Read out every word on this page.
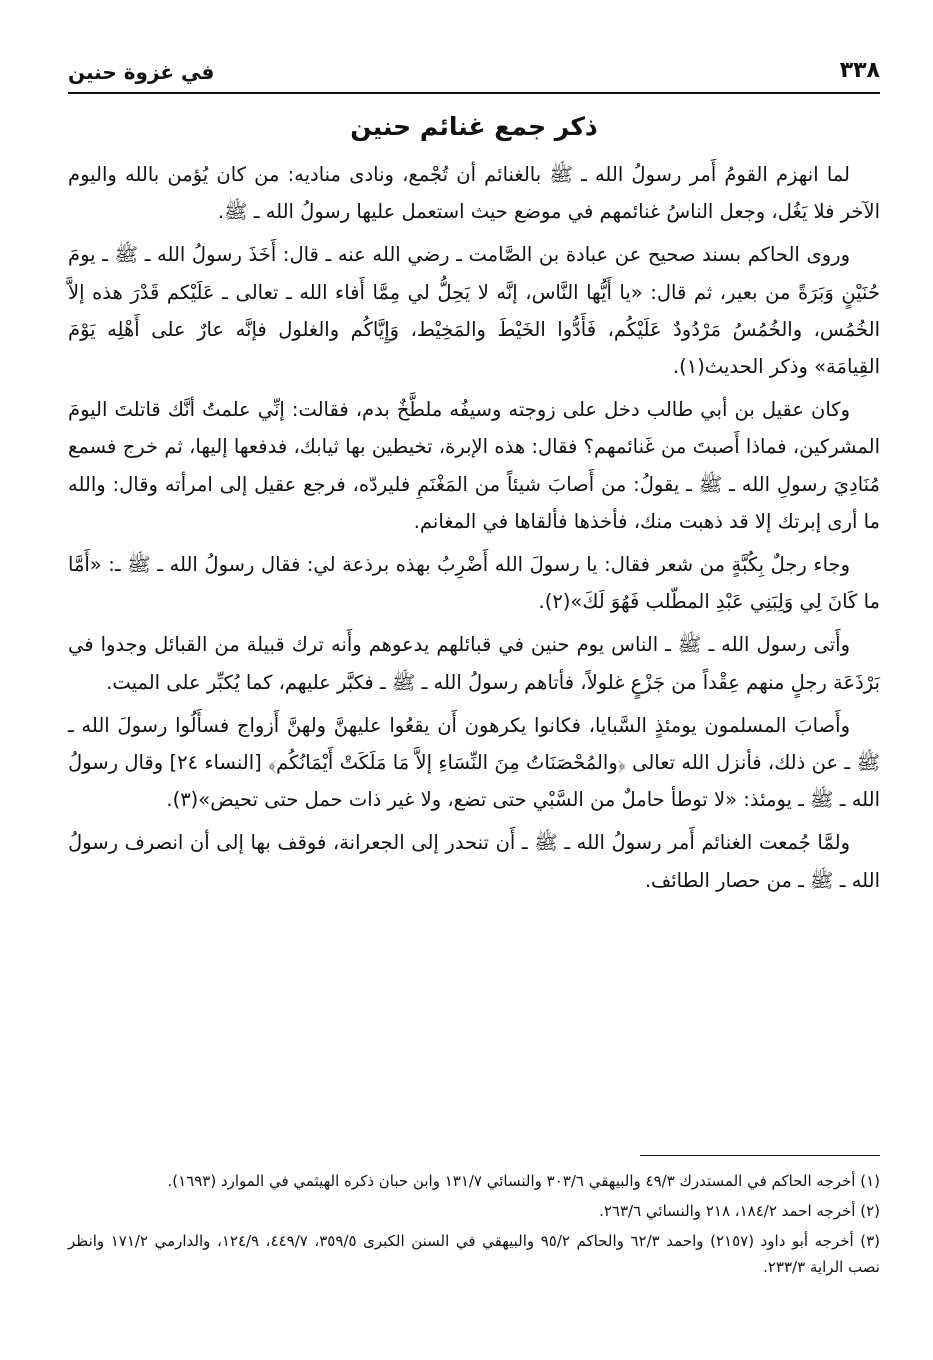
٣٣٨
في غزوة حنين
ذكر جمع غنائم حنين

لما انهزم القومُ أَمر رسولُ الله ـ ﷺ بالغنائم أن تُجْمع، ونادى مناديه: من كان يُؤمن بالله واليوم الآخر فلا يَغُل، وجعل الناسُ غنائمهم في موضع حيث استعمل عليها رسولُ الله ـ ﷺ.

وروى الحاكم بسند صحيح عن عبادة بن الصَّامت ـ رضي الله عنه ـ قال: أَخَذَ رسولُ الله ـ ﷺ ـ يومَ حُنَيْنٍ وَبَرَةً من بعير، ثم قال: «يا أَيُّها النَّاس، إنَّه لا يَحِلُّ لي مِمَّا أَفاء الله ـ تعالى ـ عَلَيْكم قَدْرَ هذه إلاَّ الخُمُس، والخُمُسُ مَرْدُودٌ عَلَيْكُم، فَأَدُّوا الخَيْطَ والمَخِيْط، وَإِيَّاكُم والغلول فإنَّه عارٌ على أَهْلِه يَوْمَ القِيامَة» وذكر الحديث(١).

وكان عقيل بن أبي طالب دخل على زوجته وسيفُه ملطَّخٌ بدم، فقالت: إنِّي علمتُ أنَّك قاتلتَ اليومَ المشركين، فماذا أَصبتَ من غَنائمهم؟ فقال: هذه الإبرة، تخيطين بها ثيابك، فدفعها إليها، ثم خرج فسمع مُنَادِيَ رسولِ الله ـ ﷺ ـ يقولُ: من أَصابَ شيئاً من المَغْنَمِ فليردّه، فرجع عقيل إلى امرأته وقال: والله ما أرى إبرتك إلا قد ذهبت منك، فأخذها فألقاها في المغانم.

وجاء رجلٌ بِكُبَّةٍ من شعر فقال: يا رسولَ الله أَضْرِبُ بهذه برذعة لي: فقال رسولُ الله ـ ﷺ ـ: «أَمَّا ما كَانَ لِي وَلِبَنِي عَبْدِ المطّلب فَهُوَ لَكَ»(٢).

وأَتى رسول الله ـ ﷺ ـ الناس يوم حنين في قبائلهم يدعوهم وأَنه ترك قبيلة من القبائل وجدوا في بَرْذَعَة رجلٍ منهم عِقْداً من جَزْعٍ غلولاً، فأتاهم رسولُ الله ـ ﷺ ـ فكبَّر عليهم، كما يُكبِّر على الميت.

وأَصابَ المسلمون يومئذٍ السَّبايا، فكانوا يكرهون أَن يقعُوا عليهنَّ ولهنَّ أَزواج فسأَلُوا رسولَ الله ـ ﷺ ـ عن ذلك، فأنزل الله تعالى ﴿والمُحْصَنَاتُ مِنَ النِّسَاءِ إلاَّ مَا مَلَكَتْ أَيْمَانُكُم﴾ [النساء ٢٤] وقال رسولُ الله ـ ﷺ ـ يومئذ: «لا توطأ حاملٌ من السَّبْي حتى تضع، ولا غير ذات حمل حتى تحيض»(٣).

ولمَّا جُمعت الغنائم أَمر رسولُ الله ـ ﷺ ـ أَن تنحدر إلى الجعرانة، فوقف بها إلى أن انصرف رسولُ الله ـ ﷺ ـ من حصار الطائف.

(١) أخرجه الحاكم في المستدرك ٤٩/٣ والبيهقي ٣٠٣/٦ والنسائي ١٣١/٧ وابن حبان ذكره الهيثمي في الموارد (١٦٩٣).

(٢) أخرجه احمد ١٨٤/٢، ٢١٨ والنسائي ٢٦٣/٦.

(٣) أخرجه أبو داود (٢١٥٧) واحمد ٦٢/٣ والحاكم ٩٥/٢ والبيهقي في السنن الكبرى ٣٥٩/٥، ٤٤٩/٧، ١٢٤/٩، والدارمي ١٧١/٢ وانظر نصب الراية ٢٣٣/٣.
